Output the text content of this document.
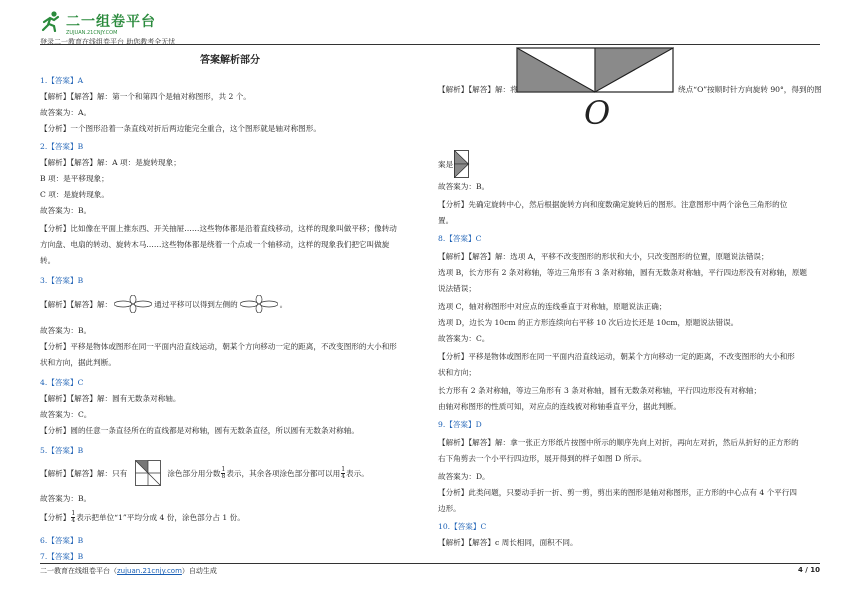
二一组卷平台
ZUJUAN.21CNJY.COM
登录二一教育在线组卷平台 助您教考全无忧
答案解析部分
1.【答案】A
【解析】【解答】解：第一个和第四个是轴对称图形，共 2 个。
故答案为：A。
【分析】一个图形沿着一条直线对折后两边能完全重合，这个图形就是轴对称图形。
2.【答案】B
【解析】【解答】解：A 项：是旋转现象；
B 项：是平移现象；
C 项：是旋转现象。
故答案为：B。
【分析】比如像在平面上推东西、开关抽屉……这些物体都是沿着直线移动，这样的现象叫做平移；像转动
方向盘、电扇的转动、旋转木马……这些物体都是绕着一个点或一个轴移动，这样的现象我们把它叫做旋
转。
3.【答案】B
故答案为：B。
【分析】平移是物体或图形在同一平面内沿直线运动，朝某个方向移动一定的距离，不改变图形的大小和形
状和方向，据此判断。
4.【答案】C
【解析】【解答】解：圆有无数条对称轴。
故答案为：C。
【分析】圆的任意一条直径所在的直线都是对称轴，圆有无数条直径，所以圆有无数条对称轴。
5.【答案】B
故答案为：B。
6.【答案】B
7.【答案】B
【解析】【解答】解：	通过平移可以得到左侧的	。
【解析】【解答】解：只有	涂色部分用分数 $\frac{1}{8}$ 表示，其余各项涂色部分都可以用 $\frac{1}{4}$ 表示。
【分析】 $\frac{1}{4}$ 表示把单位“1”平均分成 4 份，涂色部分占 1 份。
O
【解析】【解答】解：将	绕点“O”按顺时针方向旋转 90°，得到的图
案是
故答案为：B。
【分析】先确定旋转中心，然后根据旋转方向和度数确定旋转后的图形。注意图形中两个涂色三角形的位
置。
8.【答案】C
【解析】【解答】解：选项 A，平移不改变图形的形状和大小，只改变图形的位置，原题说法错误；
选项 B，长方形有 2 条对称轴，等边三角形有 3 条对称轴，圆有无数条对称轴，平行四边形没有对称轴，原题
说法错误；
选项 C，轴对称图形中对应点的连线垂直于对称轴，原题说法正确；
选项 D，边长为 10cm 的正方形连续向右平移 10 次后边长还是 10cm，原题说法错误。
故答案为：C。
【分析】平移是物体或图形在同一平面内沿直线运动，朝某个方向移动一定的距离，不改变图形的大小和形
状和方向；
长方形有 2 条对称轴，等边三角形有 3 条对称轴，圆有无数条对称轴，平行四边形没有对称轴；
由轴对称图形的性质可知，对应点的连线被对称轴垂直平分，据此判断。
9.【答案】D
【解析】【解答】解：拿一张正方形纸片按图中所示的顺序先向上对折，再向左对折，然后从折好的正方形的
右下角剪去一个小平行四边形，展开得到的样子如图 D 所示。
故答案为：D。
【分析】此类问题，只要动手折一折、剪一剪，剪出来的图形是轴对称图形，正方形的中心点有 4 个平行四
边形。
10.【答案】C
【解析】【解答】c 周长相同，面积不同。
二一教育在线组卷平台（zujuan.21cnjy.com）自动生成	4 / 10
